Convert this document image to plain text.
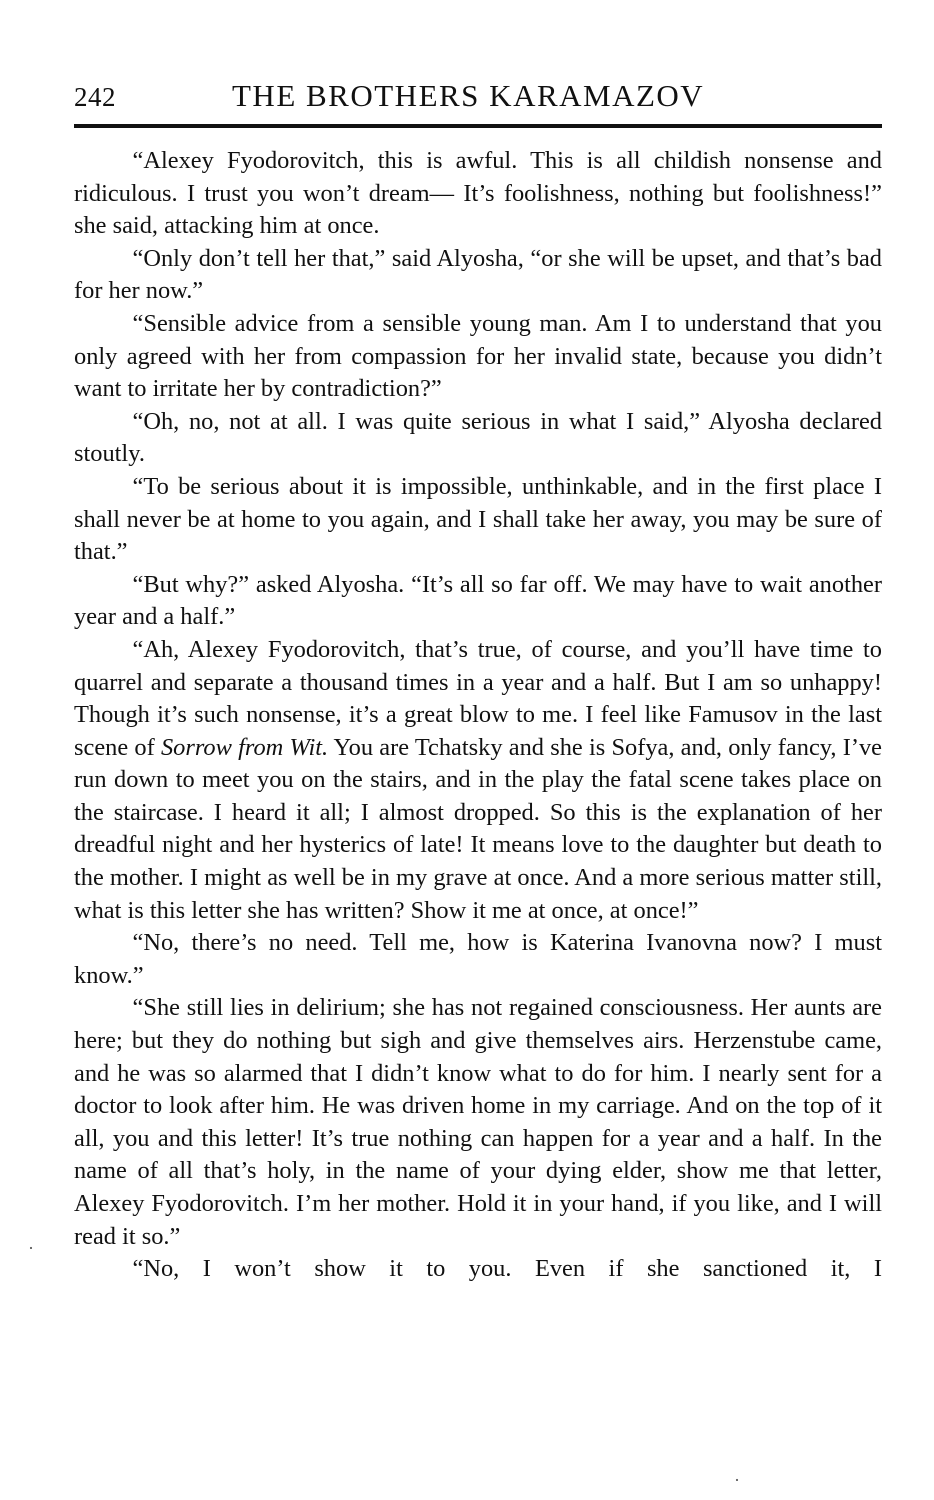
242	THE BROTHERS KARAMAZOV

“Alexey Fyodorovitch, this is awful. This is all childish nonsense and ridiculous. I trust you won’t dream— It’s foolishness, nothing but foolishness!” she said, attacking him at once.

“Only don’t tell her that,” said Alyosha, “or she will be upset, and that’s bad for her now.”

“Sensible advice from a sensible young man. Am I to understand that you only agreed with her from compassion for her invalid state, because you didn’t want to irritate her by contradiction?”

“Oh, no, not at all. I was quite serious in what I said,” Alyosha declared stoutly.

“To be serious about it is impossible, unthinkable, and in the first place I shall never be at home to you again, and I shall take her away, you may be sure of that.”

“But why?” asked Alyosha. “It’s all so far off. We may have to wait another year and a half.”

“Ah, Alexey Fyodorovitch, that’s true, of course, and you’ll have time to quarrel and separate a thousand times in a year and a half. But I am so unhappy! Though it’s such nonsense, it’s a great blow to me. I feel like Famusov in the last scene of Sorrow from Wit. You are Tchatsky and she is Sofya, and, only fancy, I’ve run down to meet you on the stairs, and in the play the fatal scene takes place on the staircase. I heard it all; I almost dropped. So this is the explanation of her dreadful night and her hysterics of late! It means love to the daughter but death to the mother. I might as well be in my grave at once. And a more serious matter still, what is this letter she has written? Show it me at once, at once!”

“No, there’s no need. Tell me, how is Katerina Ivanovna now? I must know.”

“She still lies in delirium; she has not regained consciousness. Her aunts are here; but they do nothing but sigh and give themselves airs. Herzenstube came, and he was so alarmed that I didn’t know what to do for him. I nearly sent for a doctor to look after him. He was driven home in my carriage. And on the top of it all, you and this letter! It’s true nothing can happen for a year and a half. In the name of all that’s holy, in the name of your dying elder, show me that letter, Alexey Fyodorovitch. I’m her mother. Hold it in your hand, if you like, and I will read it so.”

“No, I won’t show it to you. Even if she sanctioned it, I

·
·
